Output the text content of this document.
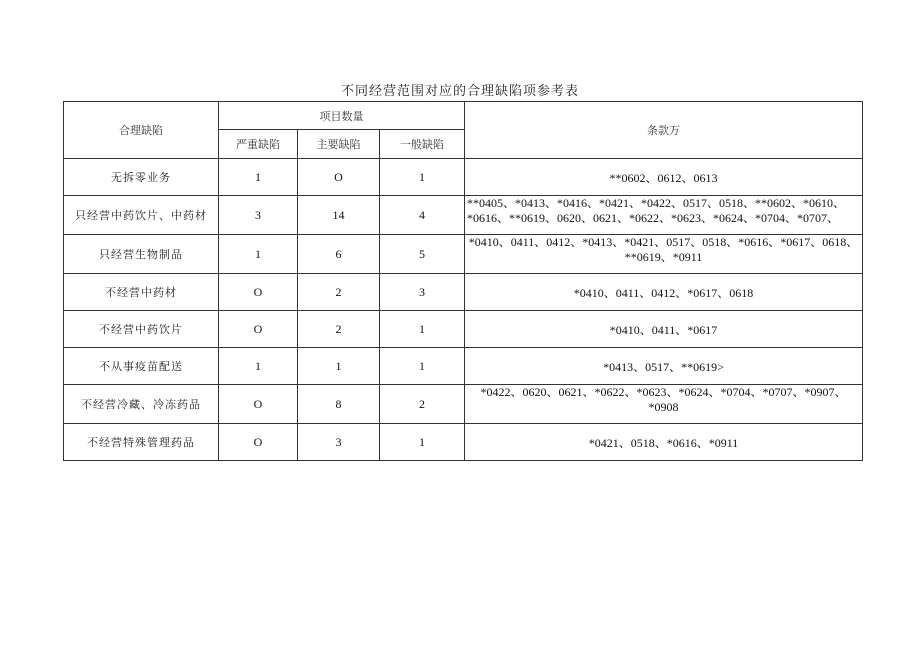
不同经营范围对应的合理缺陷项参考表
合理缺陷	项目数量			条款万
	严重缺陷	主要缺陷	一般缺陷	
无拆零业务	1	O	1	**0602、0612、0613
只经营中药饮片、中药材	3	14	4	**0405、*0413、*0416、*0421、*0422、0517、0518、**0602、*0610、*0616、**0619、0620、0621、*0622、*0623、*0624、*0704、*0707、

只经营生物制品	1	6	5	*0410、0411、0412、*0413、*0421、0517、0518、*0616、*0617、0618、**0619、*0911

不经营中药材	O	2	3	*0410、0411、0412、*0617、0618
不经营中药饮片	O	2	1	*0410、0411、*0617
不从事疫苗配送	1	1	1	*0413、0517、**0619>
不经营冷藏、冷冻药品	O	8	2	*0422、0620、0621、*0622、*0623、*0624、*0704、*0707、*0907、*0908

不经营特殊管理药品	O	3	1	*0421、0518、*0616、*0911
